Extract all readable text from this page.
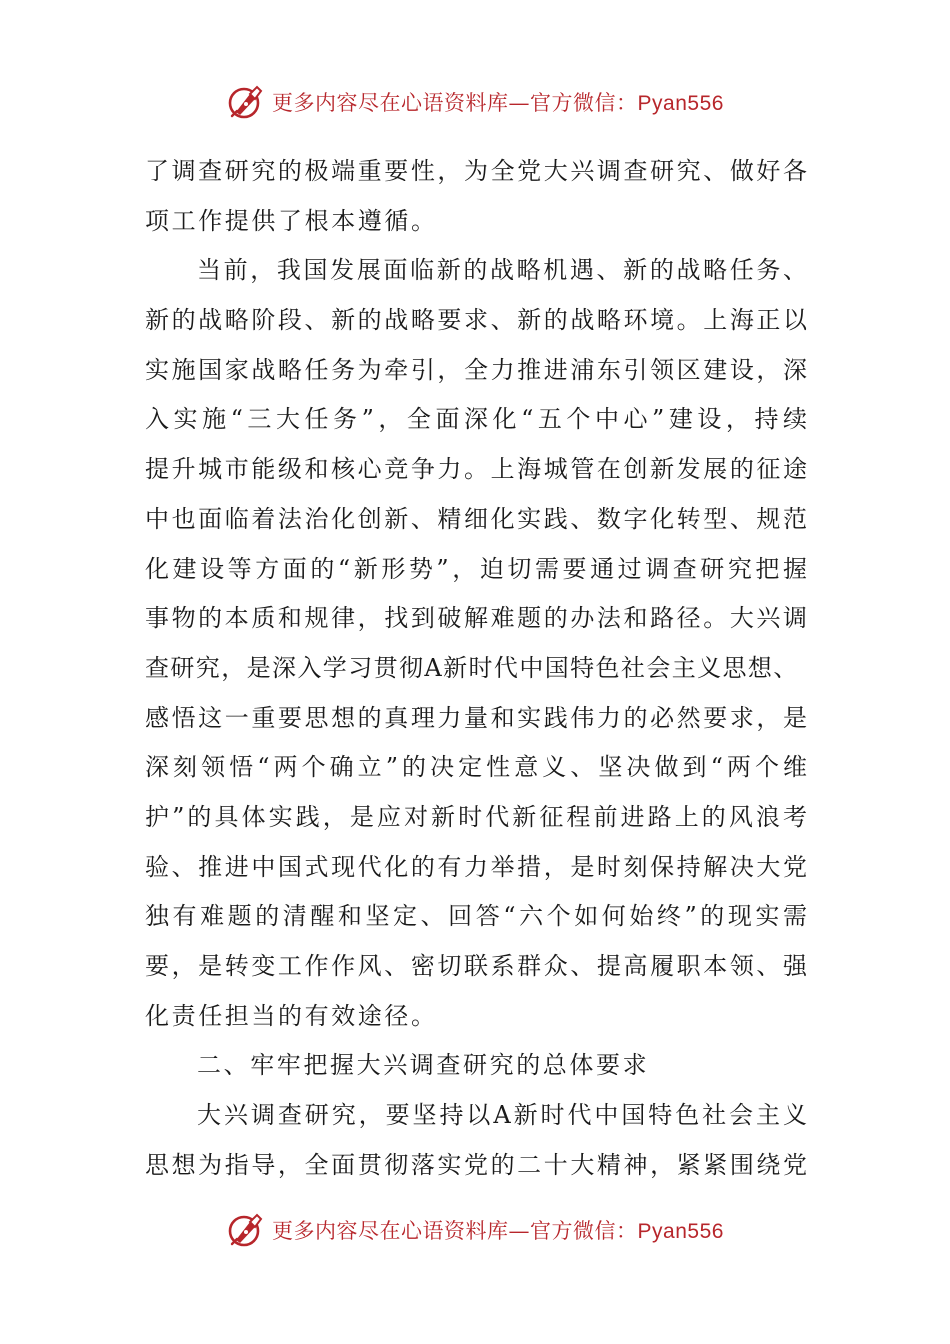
更多内容尽在心语资料库—官方微信：Pyan556
了调查研究的极端重要性，为全党大兴调查研究、做好各
项工作提供了根本遵循。
当前，我国发展面临新的战略机遇、新的战略任务、
新的战略阶段、新的战略要求、新的战略环境。上海正以
实施国家战略任务为牵引，全力推进浦东引领区建设，深
入实施“三大任务”，全面深化“五个中心”建设，持续
提升城市能级和核心竞争力。上海城管在创新发展的征途
中也面临着法治化创新、精细化实践、数字化转型、规范
化建设等方面的“新形势”，迫切需要通过调查研究把握
事物的本质和规律，找到破解难题的办法和路径。大兴调
查研究，是深入学习贯彻A新时代中国特色社会主义思想、
感悟这一重要思想的真理力量和实践伟力的必然要求，是
深刻领悟“两个确立”的决定性意义、坚决做到“两个维
护”的具体实践，是应对新时代新征程前进路上的风浪考
验、推进中国式现代化的有力举措，是时刻保持解决大党
独有难题的清醒和坚定、回答“六个如何始终”的现实需
要，是转变工作作风、密切联系群众、提高履职本领、强
化责任担当的有效途径。
二、牢牢把握大兴调查研究的总体要求
大兴调查研究，要坚持以A新时代中国特色社会主义
思想为指导，全面贯彻落实党的二十大精神，紧紧围绕党
更多内容尽在心语资料库—官方微信：Pyan556
